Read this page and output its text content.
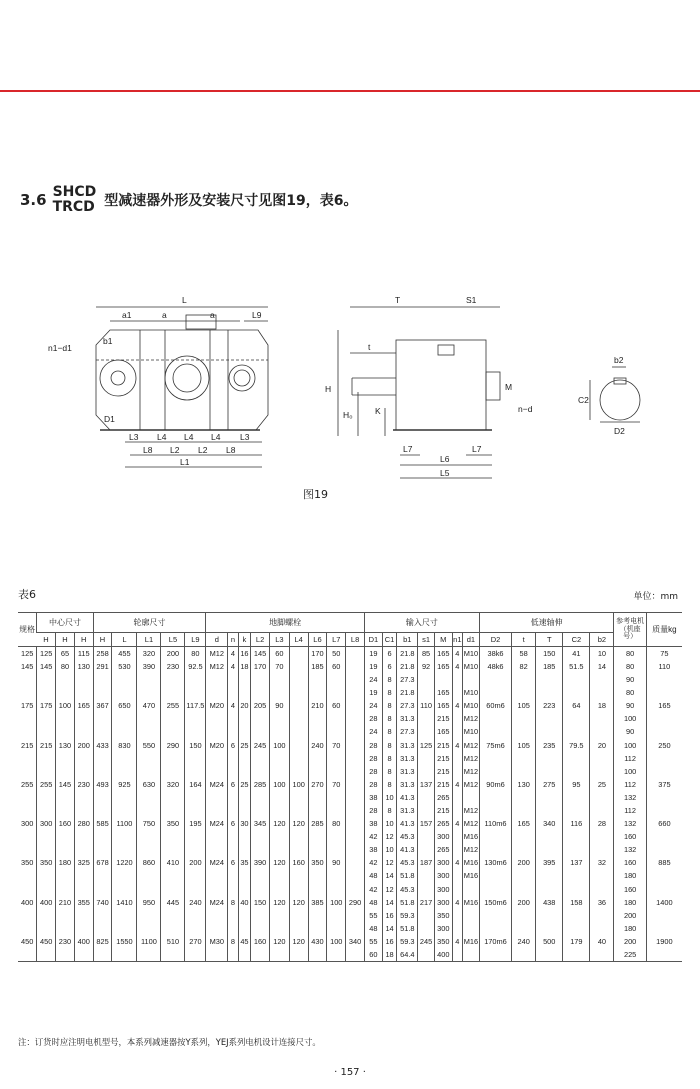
3.6 SHCD
TRCD 型减速器外形及安装尺寸见图19，表6。
L
a1	a	a	L9
n1−d1
b1
D1
L3 L4 L4 L4 L3
L8 L2 L2 L8
L1
T	S1
t
H
H₀	K
M
n−d
L7	L7
L6
L5
b2
C2
D2
图19
表6	单位：mm
规格	中心尺寸			轮廓尺寸					地脚螺栓									输入尺寸							低速轴伸					参考电机（机座号）	质量kg
	H	H	H	H	L	L1	L5	L9	d	n	k	L2	L3	L4	L6	L7	L8	D1	C1	b1	s1	M	n1	d1	D2	t	T	C2	b2		
125	125	65	115	258	455	320	200	80	M12	4	16	145	60		170	50		19	6	21.8	85	165	4	M10	38k6	58	150	41	10	80	75
145	145	80	130	291	530	390	230	92.5	M12	4	18	170	70		185	60		19	6	21.8	92	165	4	M10	48k6	82	185	51.5	14	80	110
																		24	8	27.3										90	
																		19	8	21.8		165		M10						80	
175	175	100	165	367	650	470	255	117.5	M20	4	20	205	90		210	60		24	8	27.3	110	165	4	M10	60m6	105	223	64	18	90	165
																		28	8	31.3		215		M12						100	
																		24	8	27.3		165		M10						90	
215	215	130	200	433	830	550	290	150	M20	6	25	245	100		240	70		28	8	31.3	125	215	4	M12	75m6	105	235	79.5	20	100	250
																		28	8	31.3		215		M12						112	
																		28	8	31.3		215		M12						100	
255	255	145	230	493	925	630	320	164	M24	6	25	285	100	100	270	70		28	8	31.3	137	215	4	M12	90m6	130	275	95	25	112	375
																		38	10	41.3		265								132	
																		28	8	31.3		215		M12						112	
300	300	160	280	585	1100	750	350	195	M24	6	30	345	120	120	285	80		38	10	41.3	157	265	4	M12	110m6	165	340	116	28	132	660
																		42	12	45.3		300		M16						160	
																		38	10	41.3		265		M12						132	
350	350	180	325	678	1220	860	410	200	M24	6	35	390	120	160	350	90		42	12	45.3	187	300	4	M16	130m6	200	395	137	32	160	885
																		48	14	51.8		300		M16						180	
																		42	12	45.3		300								160	
400	400	210	355	740	1410	950	445	240	M24	8	40	150	120	120	385	100	290	48	14	51.8	217	300	4	M16	150m6	200	438	158	36	180	1400
																		55	16	59.3		350								200	
																		48	14	51.8		300								180	
450	450	230	400	825	1550	1100	510	270	M30	8	45	160	120	120	430	100	340	55	16	59.3	245	350	4	M16	170m6	240	500	179	40	200	1900
																		60	18	64.4		400								225	
注：订货时应注明电机型号，本系列减速器按Y系列，YEJ系列电机设计连接尺寸。
· 157 ·
